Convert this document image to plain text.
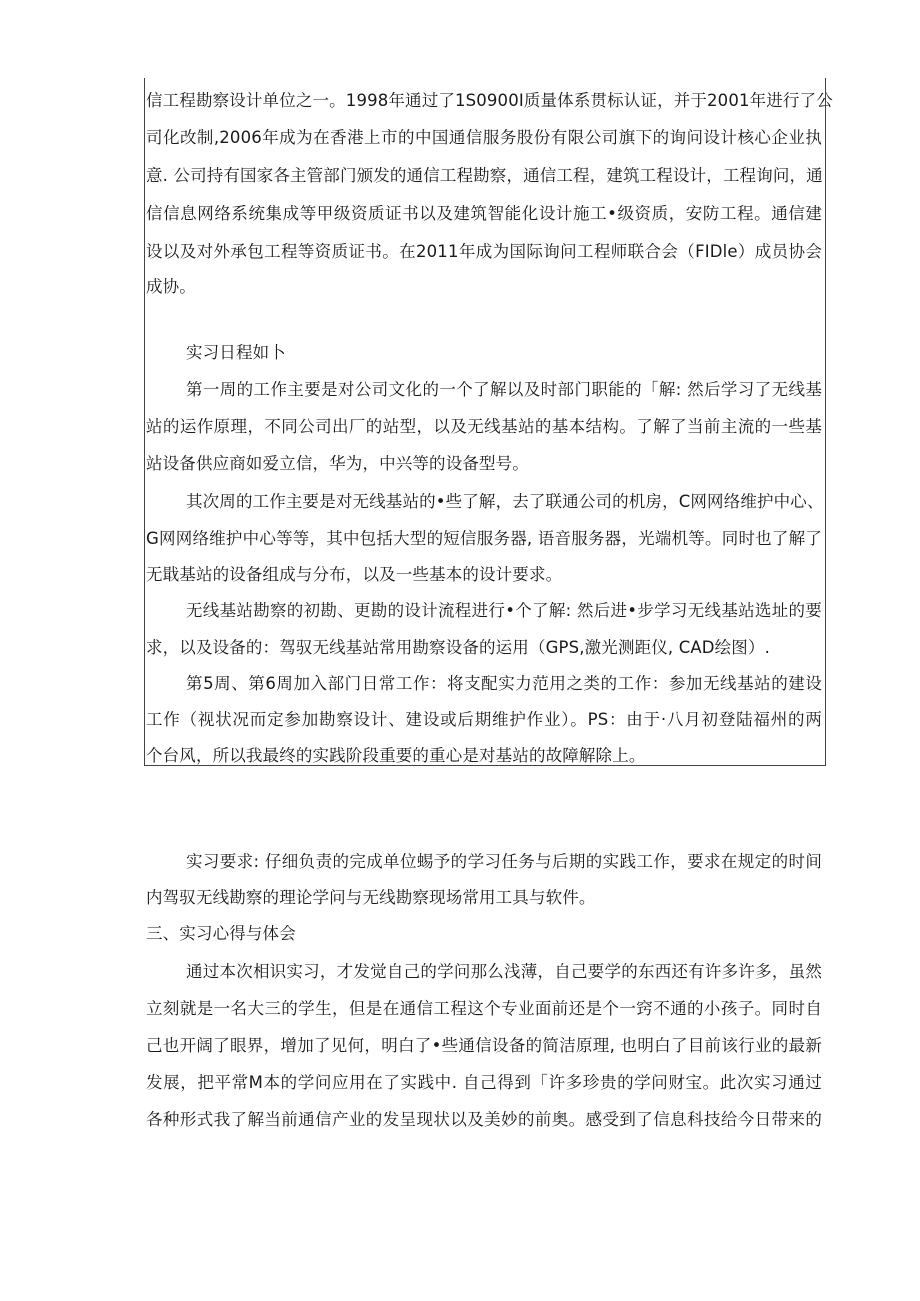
信工程勘察设计单位之一。1998年通过了1S0900I质量体系贯标认证，并于2001年进行了公
司化改制,2006年成为在香港上市的中国通信服务股份有限公司旗下的询问设计核心企业执
意. 公司持有国家各主管部门颁发的通信工程勘察，通信工程，建筑工程设计，工程询问，通
信信息网络系统集成等甲级资质证书以及建筑智能化设计施工•级资质，安防工程。通信建
设以及对外承包工程等资质证书。在2011年成为国际询问工程师联合会（FIDle）成员协会
成协。
实习日程如卜
第一周的工作主要是对公司文化的一个了解以及时部门职能的「解: 然后学习了无线基
站的运作原理，不同公司出厂的站型，以及无线基站的基本结构。了解了当前主流的一些基
站设备供应商如爱立信，华为，中兴等的设备型号。
其次周的工作主要是对无线基站的•些了解，去了联通公司的机房，C网网络维护中心、
G网网络维护中心等等，其中包括大型的短信服务器, 语音服务器，光端机等。同时也了解了
无戢基站的设备组成与分布，以及一些基本的设计要求。
无线基站勘察的初勘、更勘的设计流程进行•个了解: 然后进•步学习无线基站选址的要
求，以及设备的：驾驭无线基站常用勘察设备的运用（GPS,激光测距仪, CAD绘图）.
第5周、第6周加入部门日常工作：将支配实力范用之类的工作：参加无线基站的建设
工作（视状况而定参加勘察设计、建设或后期维护作业）。PS：由于·八月初登陆福州的两
个台风，所以我最终的实践阶段重要的重心是对基站的故障解除上。
实习要求: 仔细负责的完成单位蜴予的学习任务与后期的实践工作，要求在规定的时间
内驾驭无线勘察的理论学问与无线勘察现场常用工具与软件。
三、实习心得与体会
通过本次相识实习，才发觉自己的学问那么浅薄，自己要学的东西还有许多许多，虽然
立刻就是一名大三的学生，但是在通信工程这个专业面前还是个一窍不通的小孩子。同时自
己也开阔了眼界，增加了见何，明白了•些通信设备的简洁原理, 也明白了目前该行业的最新
发展，把平常M本的学问应用在了实践中. 自己得到「许多珍贵的学问财宝。此次实习通过
各种形式我了解当前通信产业的发呈现状以及美妙的前奥。感受到了信息科技给今日带来的
